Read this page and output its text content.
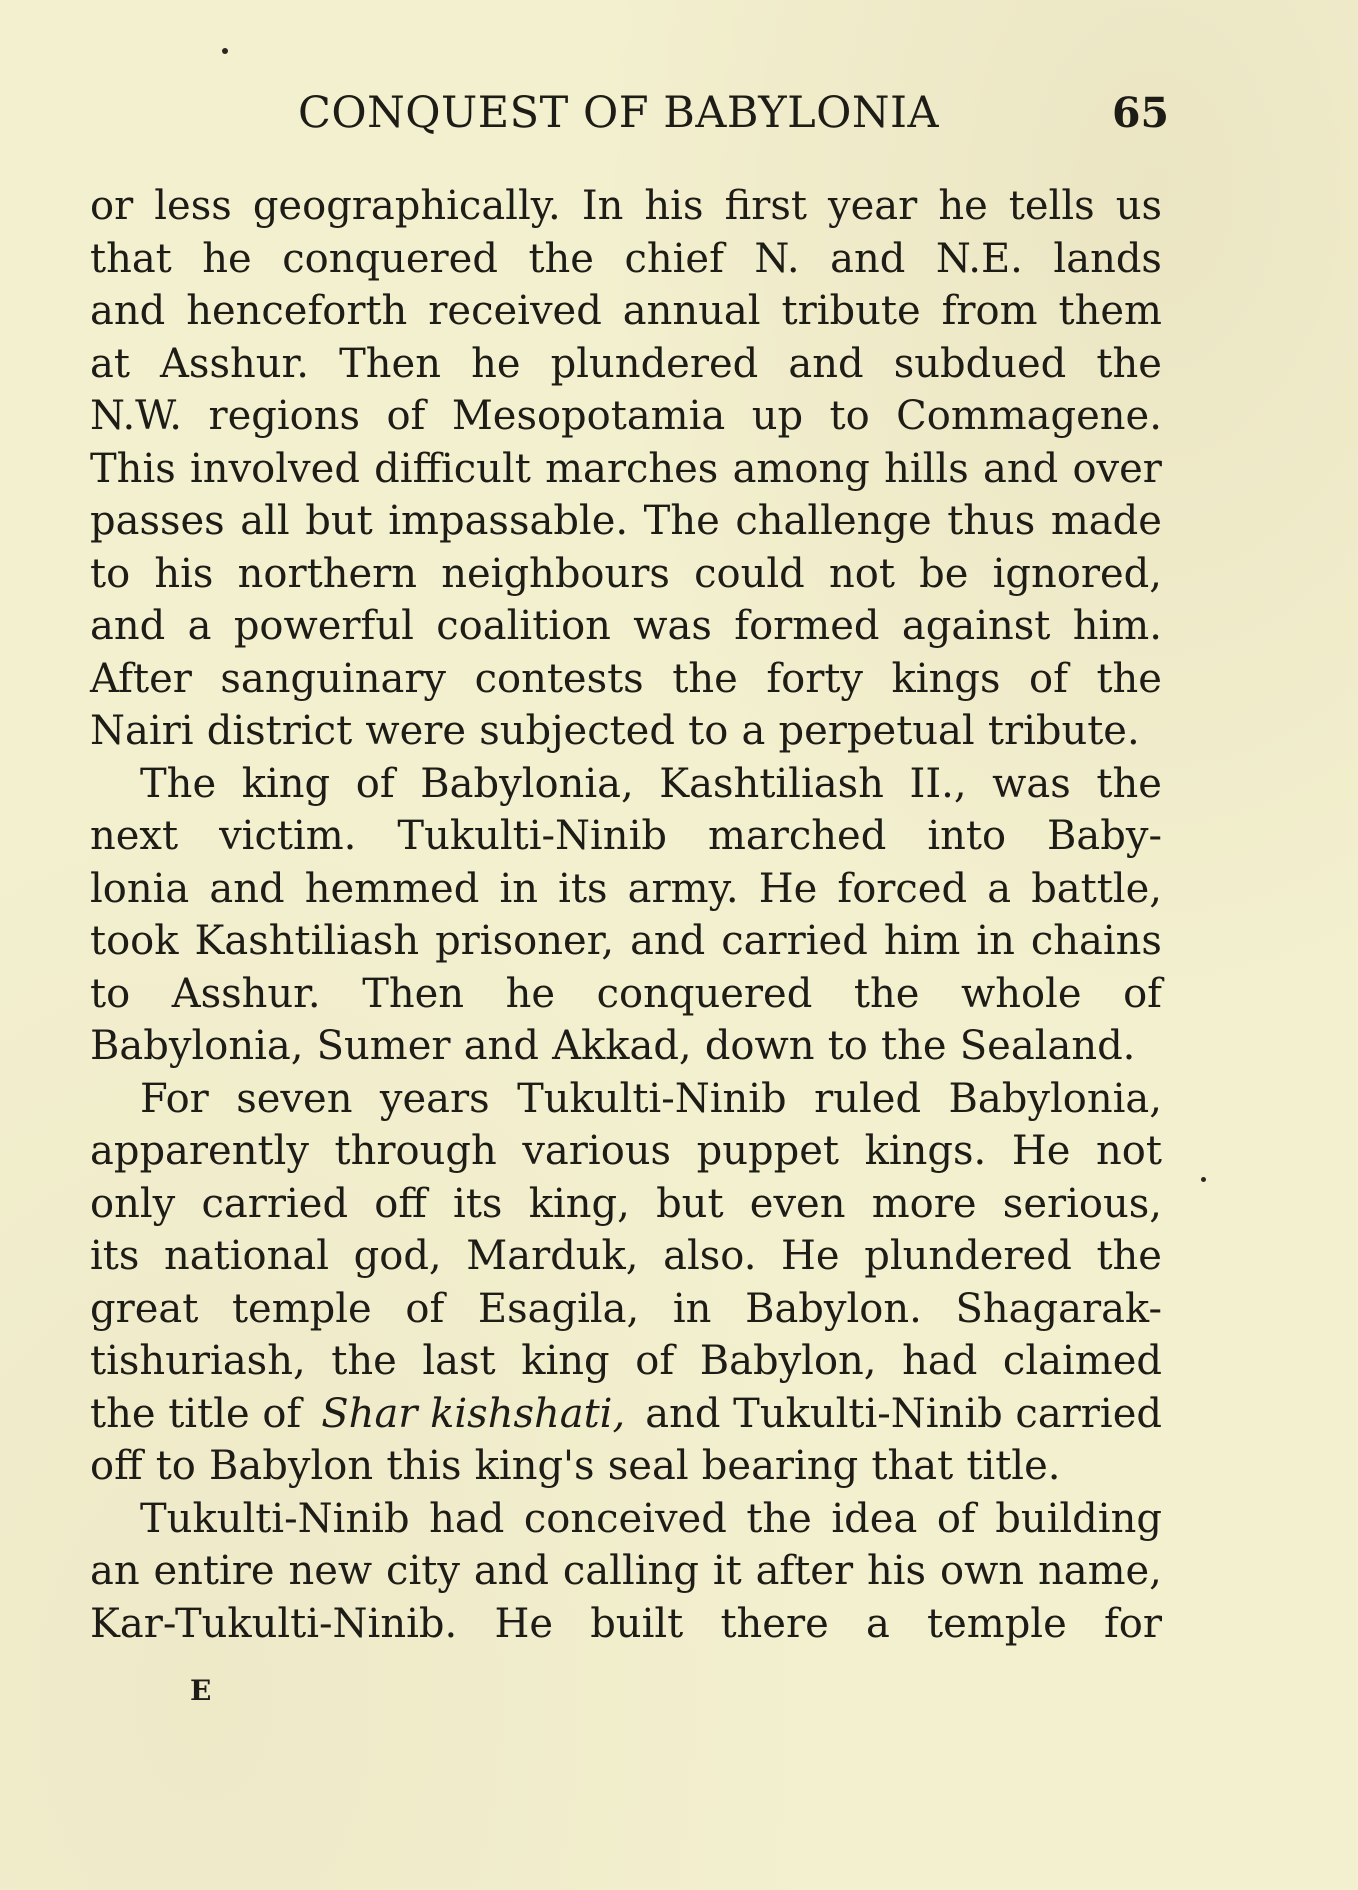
CONQUEST OF BABYLONIA	65
or less geographically. In his first year he tells us
that he conquered the chief N. and N.E. lands
and henceforth received annual tribute from them
at Asshur. Then he plundered and subdued the
N.W. regions of Mesopotamia up to Commagene.
This involved difficult marches among hills and over
passes all but impassable. The challenge thus made
to his northern neighbours could not be ignored,
and a powerful coalition was formed against him.
After sanguinary contests the forty kings of the
Nairi district were subjected to a perpetual tribute.
The king of Babylonia, Kashtiliash II., was the
next victim. Tukulti-Ninib marched into Baby-
lonia and hemmed in its army. He forced a battle,
took Kashtiliash prisoner, and carried him in chains
to Asshur. Then he conquered the whole of
Babylonia, Sumer and Akkad, down to the Sealand.
For seven years Tukulti-Ninib ruled Babylonia,
apparently through various puppet kings. He not
only carried off its king, but even more serious,
its national god, Marduk, also. He plundered the
great temple of Esagila, in Babylon. Shagarak-
tishuriash, the last king of Babylon, had claimed
the title of Shar kishshati, and Tukulti-Ninib carried
off to Babylon this king's seal bearing that title.
Tukulti-Ninib had conceived the idea of building
an entire new city and calling it after his own name,
Kar-Tukulti-Ninib. He built there a temple for
E
